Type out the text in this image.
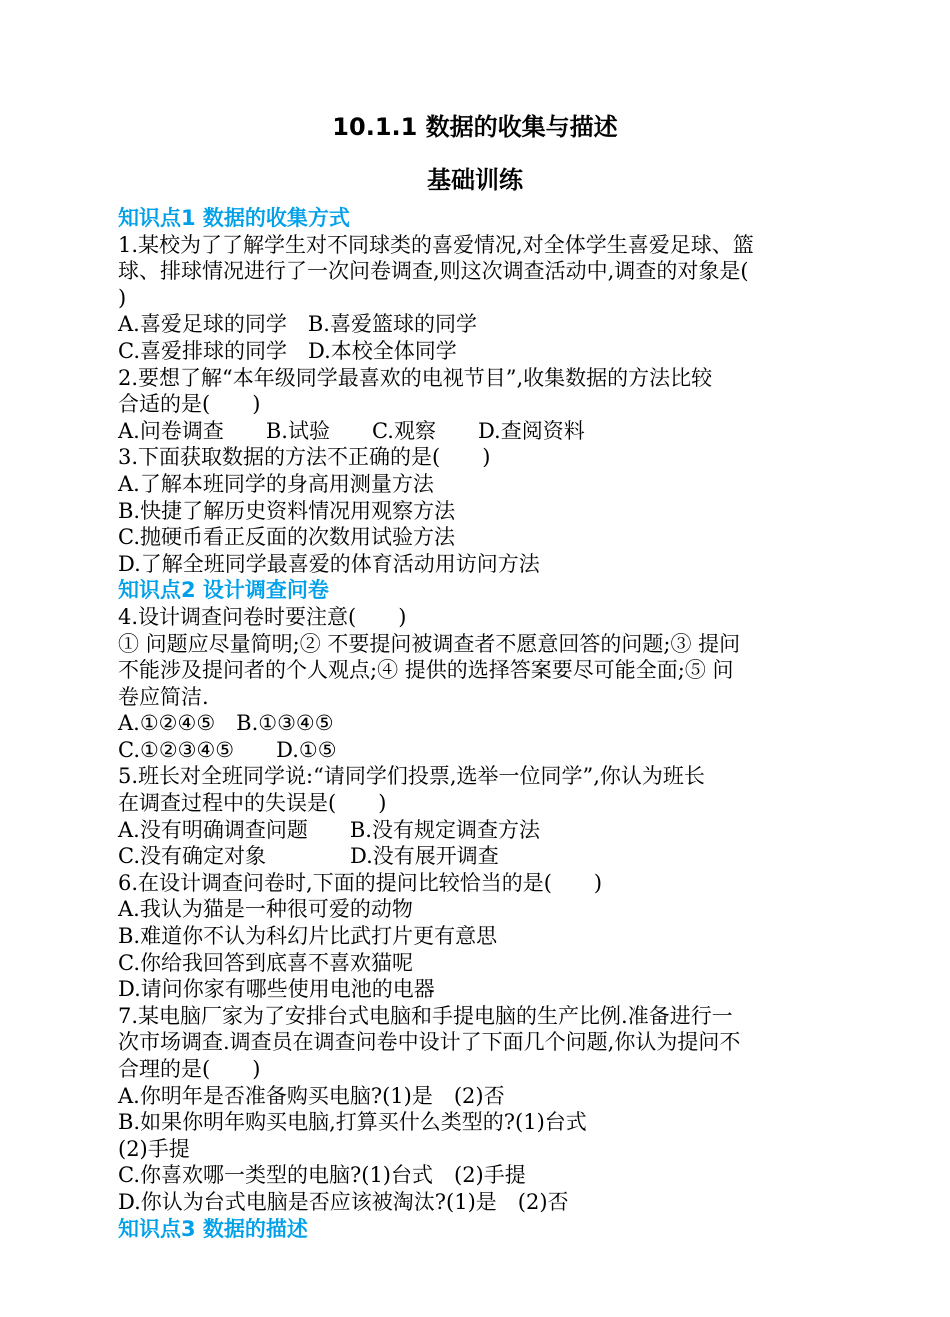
10.1.1 数据的收集与描述
基础训练
知识点1 数据的收集方式
1.某校为了了解学生对不同球类的喜爱情况,对全体学生喜爱足球、篮
球、排球情况进行了一次问卷调查,则这次调查活动中,调查的对象是(
)
A.喜爱足球的同学　B.喜爱篮球的同学
C.喜爱排球的同学　D.本校全体同学
2.要想了解“本年级同学最喜欢的电视节目”,收集数据的方法比较
合适的是(　　)
A.问卷调查　　B.试验　　C.观察　　D.查阅资料
3.下面获取数据的方法不正确的是(　　)
A.了解本班同学的身高用测量方法
B.快捷了解历史资料情况用观察方法
C.抛硬币看正反面的次数用试验方法
D.了解全班同学最喜爱的体育活动用访问方法
知识点2 设计调查问卷
4.设计调查问卷时要注意(　　)
① 问题应尽量简明;② 不要提问被调查者不愿意回答的问题;③ 提问
不能涉及提问者的个人观点;④ 提供的选择答案要尽可能全面;⑤ 问
卷应简洁.
A.①②④⑤　B.①③④⑤
C.①②③④⑤　　D.①⑤
5.班长对全班同学说:“请同学们投票,选举一位同学”,你认为班长
在调查过程中的失误是(　　)
A.没有明确调查问题　　B.没有规定调查方法
C.没有确定对象　　　　D.没有展开调查
6.在设计调查问卷时,下面的提问比较恰当的是(　　)
A.我认为猫是一种很可爱的动物
B.难道你不认为科幻片比武打片更有意思
C.你给我回答到底喜不喜欢猫呢
D.请问你家有哪些使用电池的电器
7.某电脑厂家为了安排台式电脑和手提电脑的生产比例.准备进行一
次市场调查.调查员在调查问卷中设计了下面几个问题,你认为提问不
合理的是(　　)
A.你明年是否准备购买电脑?(1)是　(2)否
B.如果你明年购买电脑,打算买什么类型的?(1)台式
(2)手提
C.你喜欢哪一类型的电脑?(1)台式　(2)手提
D.你认为台式电脑是否应该被淘汰?(1)是　(2)否
知识点3 数据的描述
